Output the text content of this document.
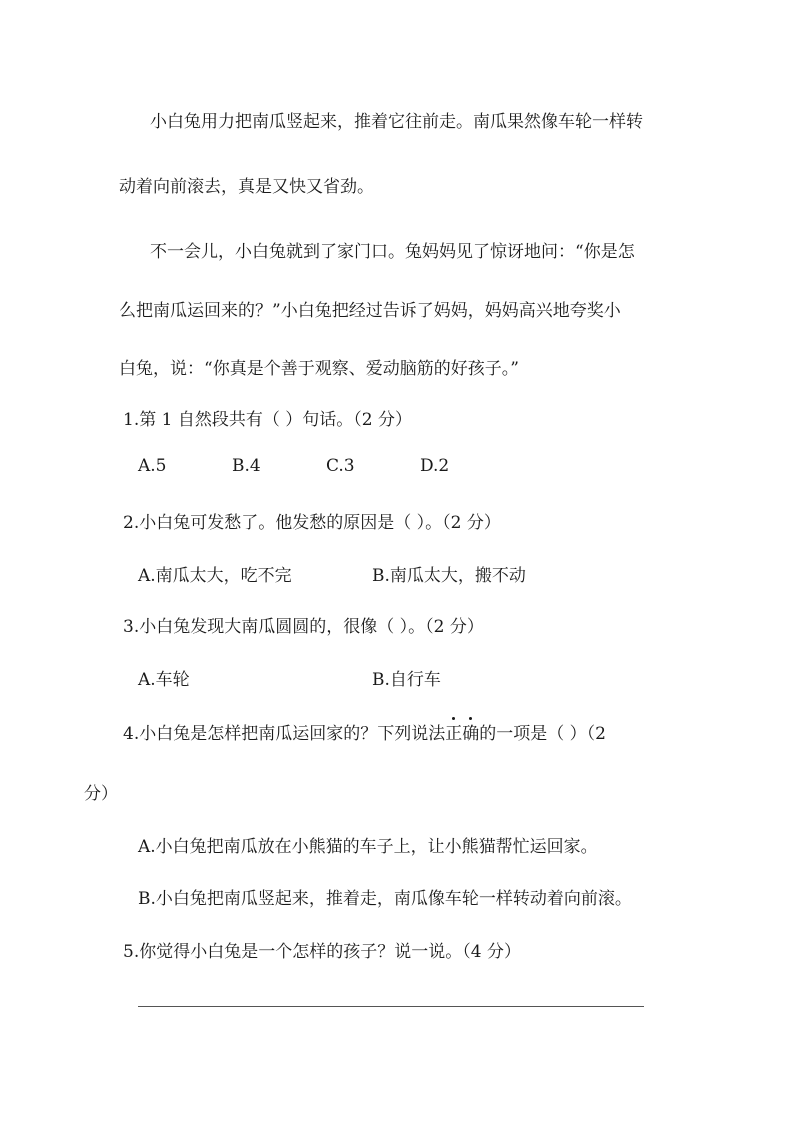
小白兔用力把南瓜竖起来，推着它往前走。南瓜果然像车轮一样转
动着向前滚去，真是又快又省劲。
不一会儿，小白兔就到了家门口。兔妈妈见了惊讶地问：“你是怎
么把南瓜运回来的？”小白兔把经过告诉了妈妈，妈妈高兴地夸奖小
白兔，说：“你真是个善于观察、爱动脑筋的好孩子。”
1.第 1 自然段共有（ ）句话。（2 分）
A.5	B.4	C.3	D.2
2.小白兔可发愁了。他发愁的原因是（ ）。（2 分）
A.南瓜太大，吃不完	B.南瓜太大，搬不动
3.小白兔发现大南瓜圆圆的，很像（ ）。（2 分）
A.车轮	B.自行车
4.小白兔是怎样把南瓜运回家的？下列说法正确的一项是（ ）（2
分）
A.小白兔把南瓜放在小熊猫的车子上，让小熊猫帮忙运回家。
B.小白兔把南瓜竖起来，推着走，南瓜像车轮一样转动着向前滚。
5.你觉得小白兔是一个怎样的孩子？说一说。（4 分）
